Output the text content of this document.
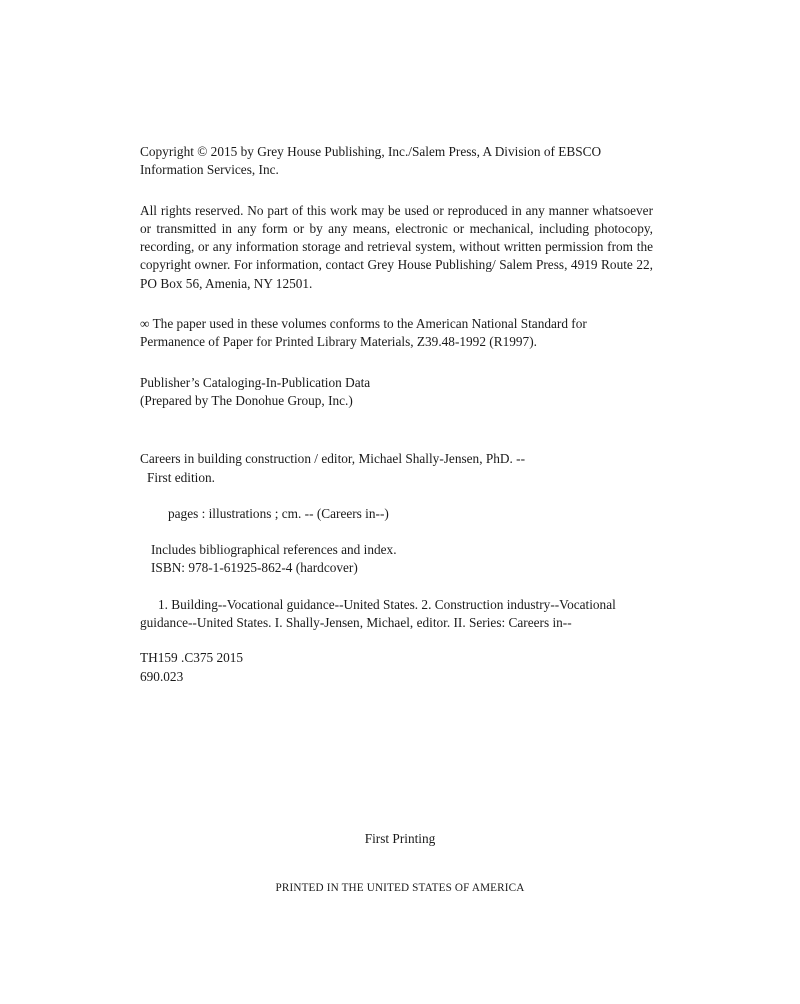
Copyright © 2015 by Grey House Publishing, Inc./Salem Press, A Division of EBSCO Information Services, Inc.

All rights reserved. No part of this work may be used or reproduced in any manner whatsoever or transmitted in any form or by any means, electronic or mechanical, including photocopy, recording, or any information storage and retrieval system, without written permission from the copyright owner. For information, contact Grey House Publishing/ Salem Press, 4919 Route 22, PO Box 56, Amenia, NY 12501.

∞ The paper used in these volumes conforms to the American National Standard for Permanence of Paper for Printed Library Materials, Z39.48-1992 (R1997).

Publisher’s Cataloging-In-Publication Data

(Prepared by The Donohue Group, Inc.)

Careers in building construction / editor, Michael Shally-Jensen, PhD. --

First edition.

pages : illustrations ; cm. -- (Careers in--)

Includes bibliographical references and index.

ISBN: 978-1-61925-862-4 (hardcover)

1. Building--Vocational guidance--United States. 2. Construction industry--Vocational guidance--United States. I. Shally-Jensen, Michael, editor. II. Series: Careers in--

TH159 .C375 2015

690.023

First Printing
PRINTED IN THE UNITED STATES OF AMERICA
